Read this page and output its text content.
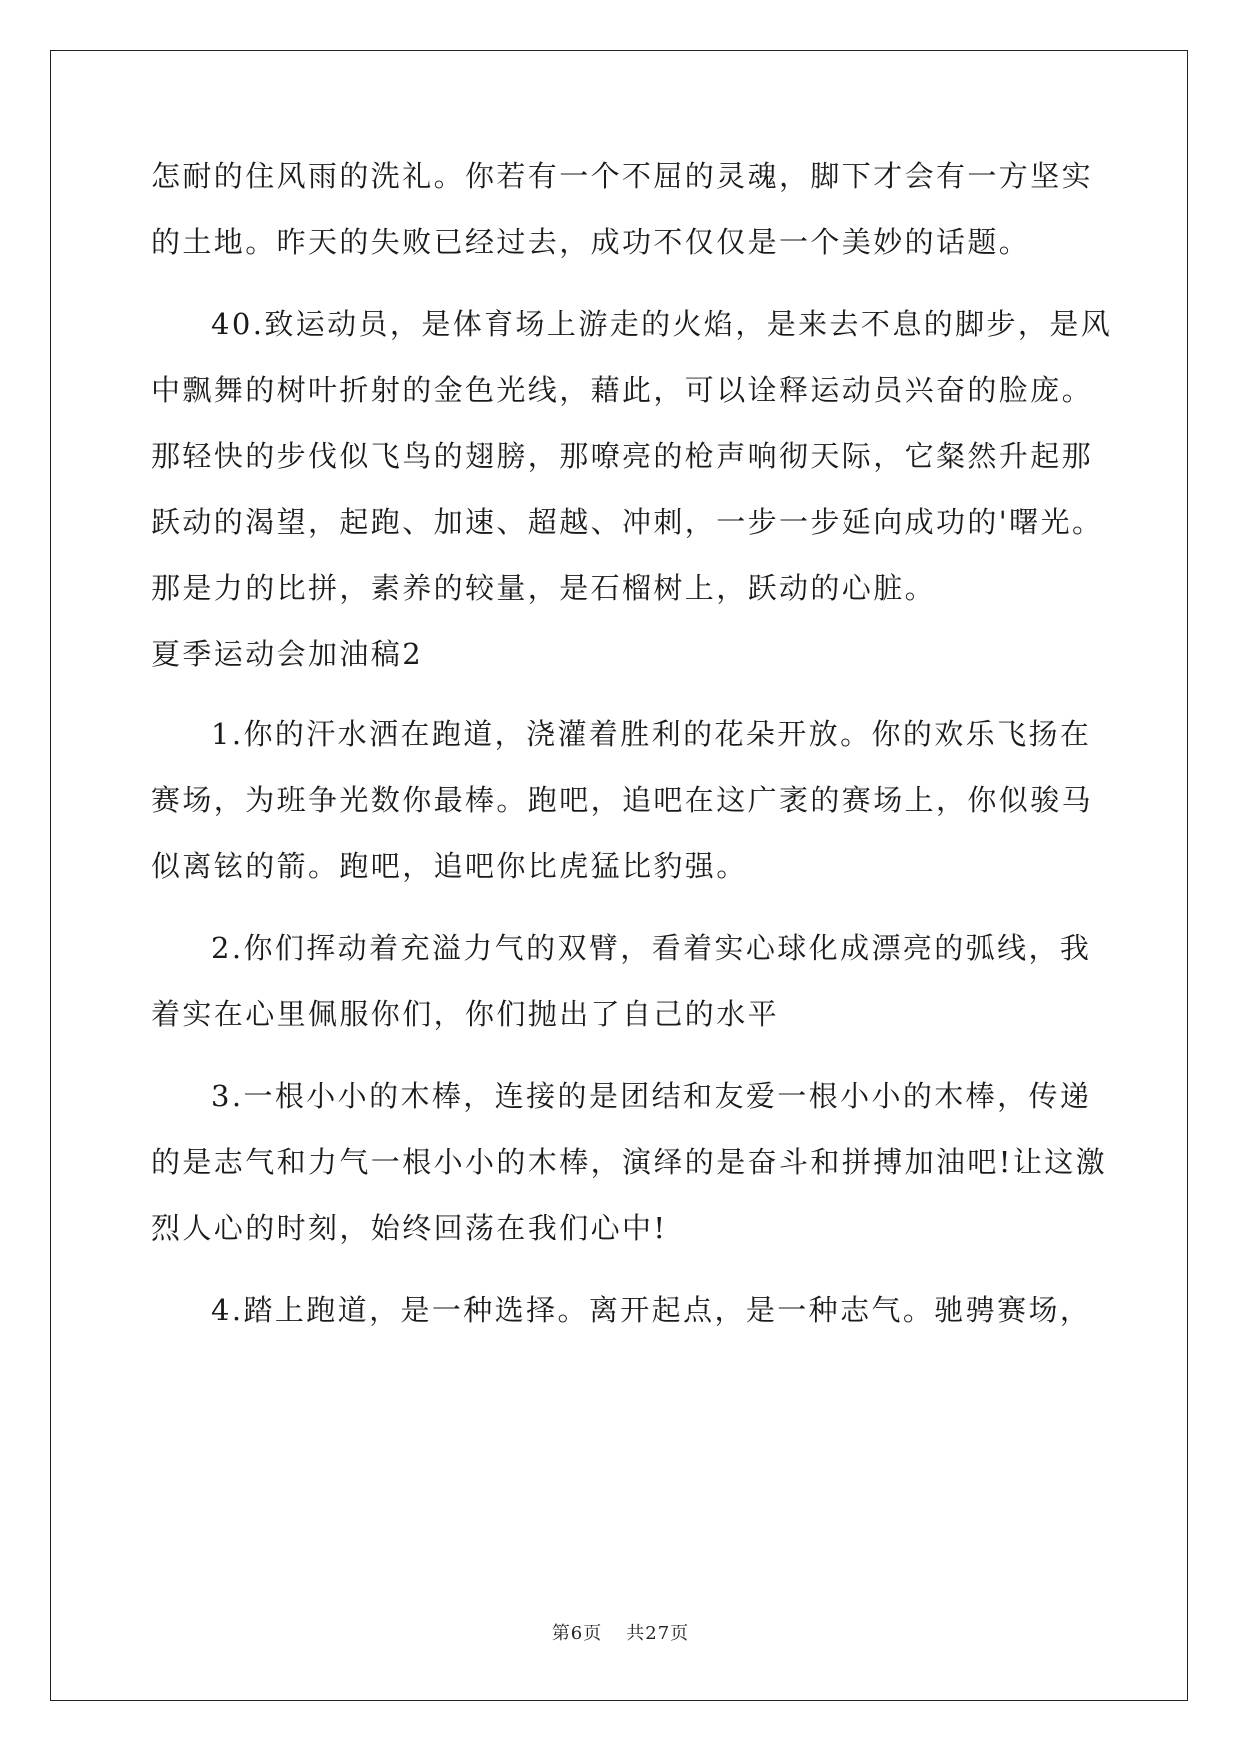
怎耐的住风雨的洗礼。你若有一个不屈的灵魂，脚下才会有一方坚实
的土地。昨天的失败已经过去，成功不仅仅是一个美妙的话题。
40.致运动员，是体育场上游走的火焰，是来去不息的脚步，是风
中飘舞的树叶折射的金色光线，藉此，可以诠释运动员兴奋的脸庞。
那轻快的步伐似飞鸟的翅膀，那嘹亮的枪声响彻天际，它粲然升起那
跃动的渴望，起跑、加速、超越、冲刺，一步一步延向成功的'曙光。
那是力的比拼，素养的较量，是石榴树上，跃动的心脏。
夏季运动会加油稿2
1.你的汗水洒在跑道，浇灌着胜利的花朵开放。你的欢乐飞扬在
赛场，为班争光数你最棒。跑吧，追吧在这广袤的赛场上，你似骏马
似离铉的箭。跑吧，追吧你比虎猛比豹强。
2.你们挥动着充溢力气的双臂，看着实心球化成漂亮的弧线，我
着实在心里佩服你们，你们抛出了自己的水平
3.一根小小的木棒，连接的是团结和友爱一根小小的木棒，传递
的是志气和力气一根小小的木棒，演绎的是奋斗和拼搏加油吧!让这激
烈人心的时刻，始终回荡在我们心中!
4.踏上跑道，是一种选择。离开起点，是一种志气。驰骋赛场，
第6页 共27页
